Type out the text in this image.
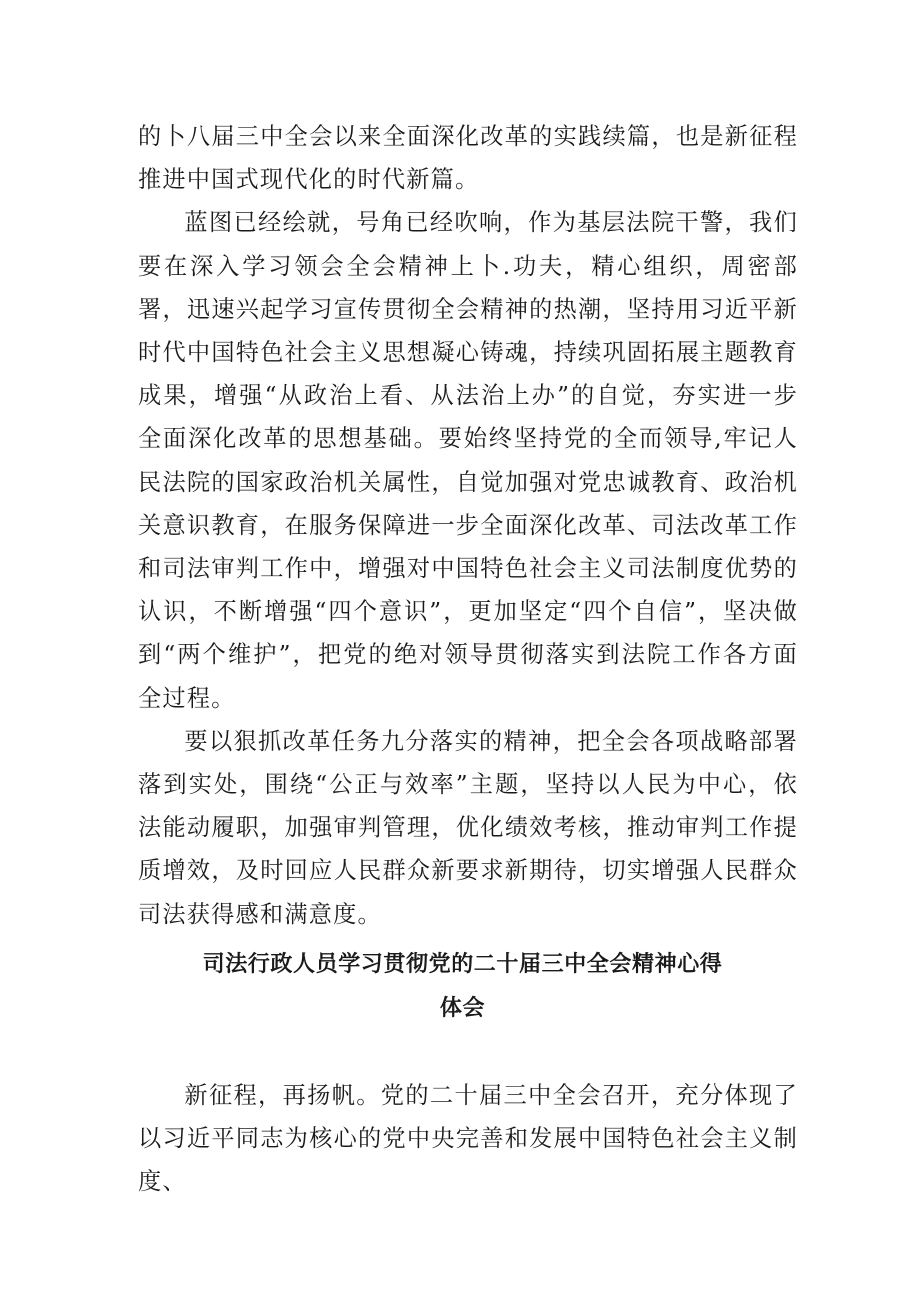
的卜八届三中全会以来全面深化改革的实践续篇，也是新征程推进中国式现代化的时代新篇。

蓝图已经绘就，号角已经吹响，作为基层法院干警，我们要在深入学习领会全会精神上卜.功夫，精心组织，周密部署，迅速兴起学习宣传贯彻全会精神的热潮，坚持用习近平新时代中国特色社会主义思想凝心铸魂，持续巩固拓展主题教育成果，增强“从政治上看、从法治上办”的自觉，夯实进一步全面深化改革的思想基础。要始终坚持党的全而领导,牢记人民法院的国家政治机关属性，自觉加强对党忠诚教育、政治机关意识教育，在服务保障进一步全面深化改革、司法改革工作和司法审判工作中，增强对中国特色社会主义司法制度优势的认识，不断增强“四个意识”，更加坚定“四个自信”，坚决做到“两个维护”，把党的绝对领导贯彻落实到法院工作各方面全过程。

要以狠抓改革任务九分落实的精神，把全会各项战略部署落到实处，围绕“公正与效率”主题，坚持以人民为中心，依法能动履职，加强审判管理，优化绩效考核，推动审判工作提质增效，及时回应人民群众新要求新期待，切实增强人民群众司法获得感和满意度。

司法行政人员学习贯彻党的二十届三中全会精神心得
体会

新征程，再扬帆。党的二十届三中全会召开，充分体现了以习近平同志为核心的党中央完善和发展中国特色社会主义制度、
